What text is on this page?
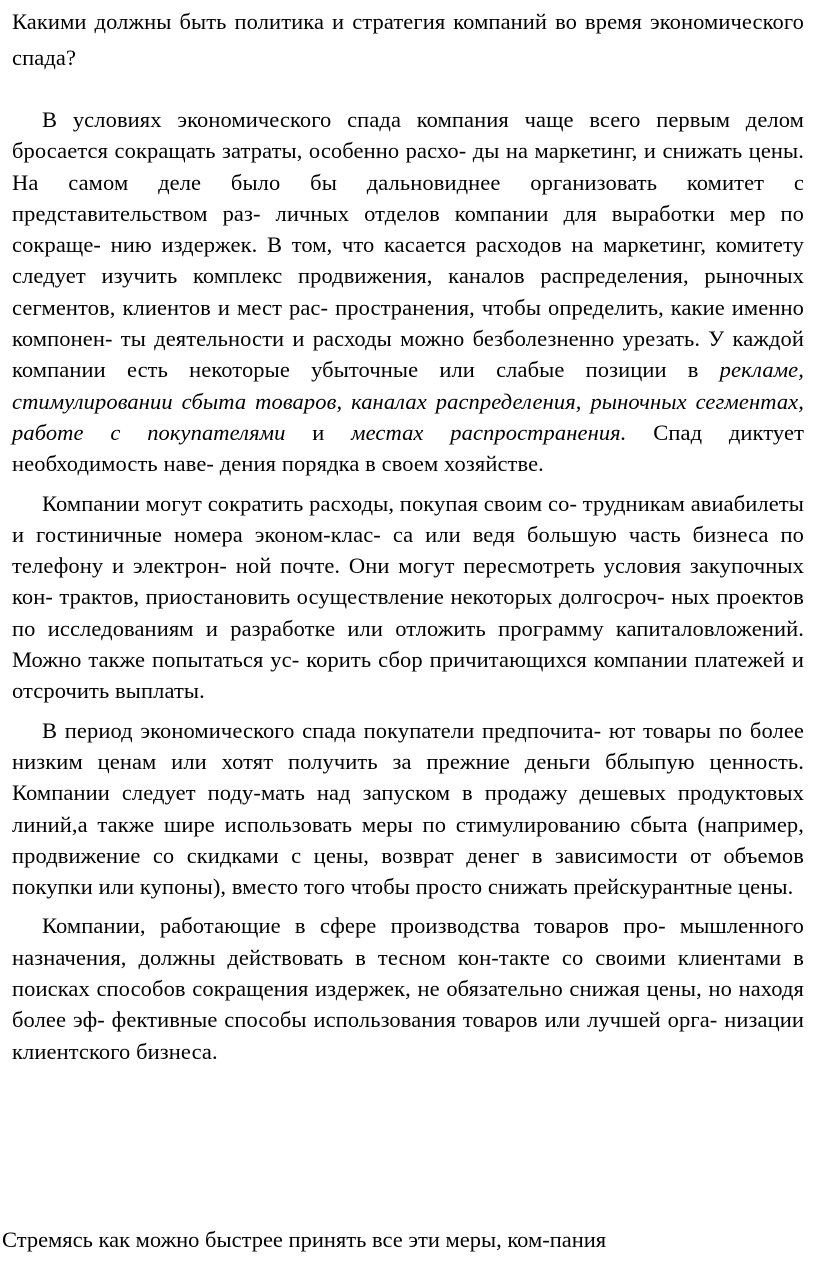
Какими должны быть политика и стратегия компаний во время экономического спада?

В условиях экономического спада компания чаще всего первым делом бросается сокращать затраты, особенно расхо- ды на маркетинг, и снижать цены. На самом деле было бы дальновиднее организовать комитет с представительством раз- личных отделов компании для выработки мер по сокраще- нию издержек. В том, что касается расходов на маркетинг, комитету следует изучить комплекс продвижения, каналов распределения, рыночных сегментов, клиентов и мест рас- пространения, чтобы определить, какие именно компонен- ты деятельности и расходы можно безболезненно урезать. У каждой компании есть некоторые убыточные или слабые позиции в рекламе, стимулировании сбыта товаров, каналах распределения, рыночных сегментах, работе с покупателями и местах распространения. Спад диктует необходимость наве- дения порядка в своем хозяйстве.

Компании могут сократить расходы, покупая своим со- трудникам авиабилеты и гостиничные номера эконом-клас- са или ведя большую часть бизнеса по телефону и электрон- ной почте. Они могут пересмотреть условия закупочных кон- трактов, приостановить осуществление некоторых долгосроч- ных проектов по исследованиям и разработке или отложить программу капиталовложений. Можно также попытаться ус- корить сбор причитающихся компании платежей и отсрочить выплаты.

В период экономического спада покупатели предпочита- ют товары по более низким ценам или хотят получить за прежние деньги бблыпую ценность. Компании следует поду-мать над запуском в продажу дешевых продуктовых линий,а также шире использовать меры по стимулированию сбыта (например, продвижение со скидками с цены, возврат денег в зависимости от объемов покупки или купоны), вместо того чтобы просто снижать прейскурантные цены.

Компании, работающие в сфере производства товаров про- мышленного назначения, должны действовать в тесном кон-такте со своими клиентами в поисках способов сокращения издержек, не обязательно снижая цены, но находя более эф- фективные способы использования товаров или лучшей орга- низации клиентского бизнеса.

Стремясь как можно быстрее принять все эти меры, ком-пания
